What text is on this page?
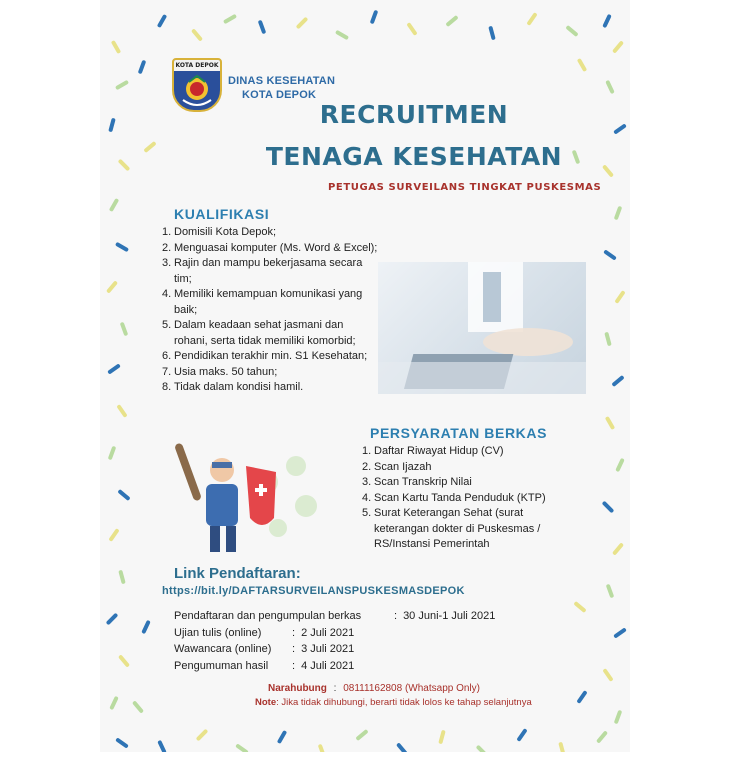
KOTA DEPOK
DINAS KESEHATAN
KOTA DEPOK
RECRUITMEN
TENAGA KESEHATAN
PETUGAS SURVEILANS TINGKAT PUSKESMAS
KUALIFIKASI
1. Domisili Kota Depok;
2. Menguasai komputer (Ms. Word & Excel);
3. Rajin dan mampu bekerjasama secara tim;
4. Memiliki kemampuan komunikasi yang baik;
5. Dalam keadaan sehat jasmani dan rohani, serta tidak memiliki komorbid;
6. Pendidikan terakhir min. S1 Kesehatan;
7. Usia maks. 50 tahun;
8. Tidak dalam kondisi hamil.
PERSYARATAN BERKAS
1. Daftar Riwayat Hidup (CV)
2. Scan Ijazah
3. Scan Transkrip Nilai
4. Scan Kartu Tanda Penduduk (KTP)
5. Surat Keterangan Sehat (surat keterangan dokter di Puskesmas / RS/Instansi Pemerintah
Link Pendaftaran:
https://bit.ly/DAFTARSURVEILANSPUSKESMASDEPOK
Pendaftaran dan pengumpulan berkas	: 30 Juni-1 Juli 2021
Ujian tulis (online)	: 2 Juli 2021
Wawancara (online)	: 3 Juli 2021
Pengumuman hasil	: 4 Juli 2021
Narahubung : 08111162808 (Whatsapp Only)
Note: Jika tidak dihubungi, berarti tidak lolos ke tahap selanjutnya
